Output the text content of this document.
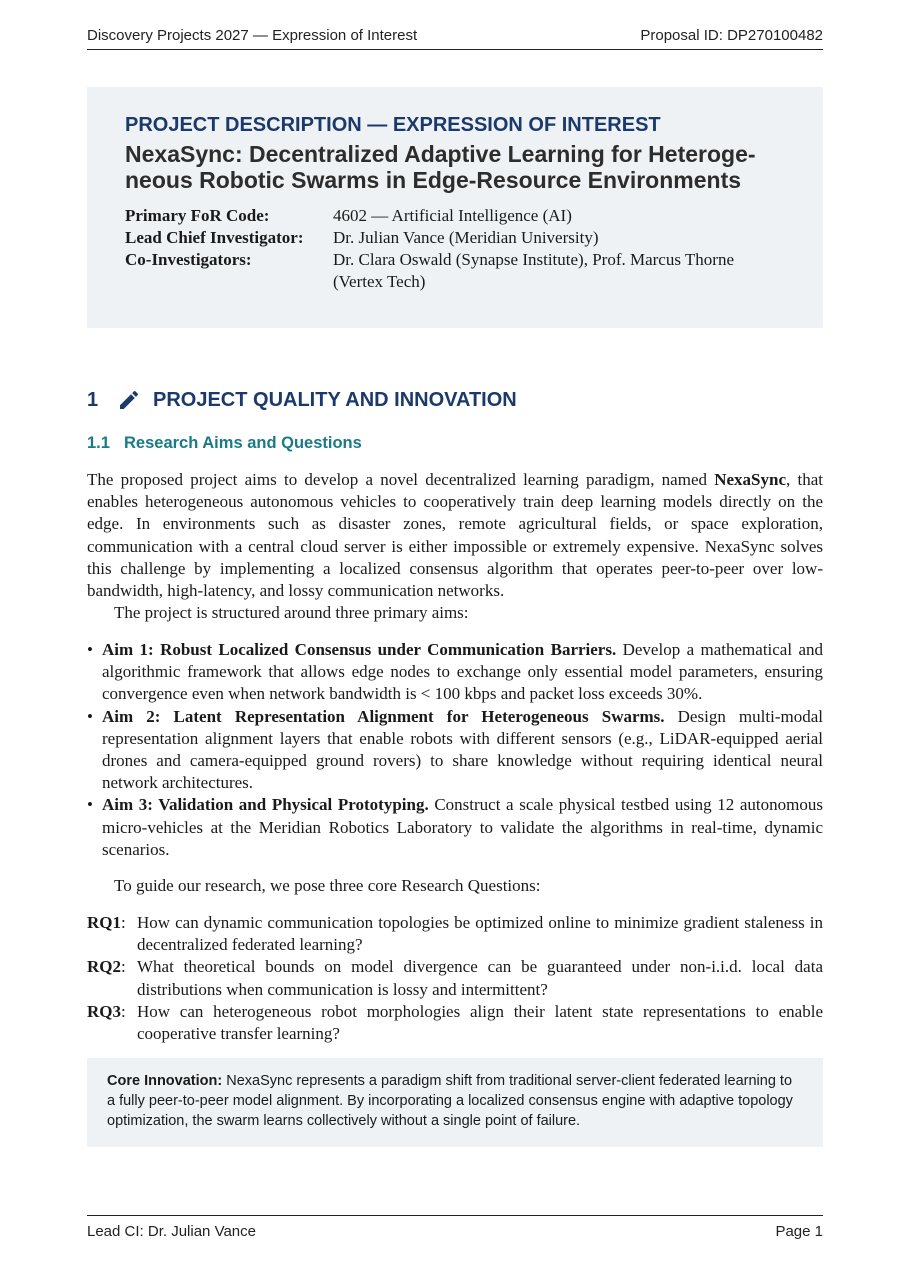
Discovery Projects 2027 — Expression of Interest	Proposal ID: DP270100482
PROJECT DESCRIPTION — EXPRESSION OF INTEREST
NexaSync: Decentralized Adaptive Learning for Heteroge-neous Robotic Swarms in Edge-Resource Environments
Primary FoR Code:	4602 — Artificial Intelligence (AI)
Lead Chief Investigator:	Dr. Julian Vance (Meridian University)
Co-Investigators:	Dr. Clara Oswald (Synapse Institute), Prof. Marcus Thorne (Vertex Tech)
1	PROJECT QUALITY AND INNOVATION
1.1 Research Aims and Questions
The proposed project aims to develop a novel decentralized learning paradigm, named NexaSync, that enables heterogeneous autonomous vehicles to cooperatively train deep learning models directly on the edge. In environments such as disaster zones, remote agricultural fields, or space exploration, communication with a central cloud server is either impossible or extremely expensive. NexaSync solves this challenge by implementing a localized consensus algorithm that operates peer-to-peer over low-bandwidth, high-latency, and lossy communication networks.
The project is structured around three primary aims:
• Aim 1: Robust Localized Consensus under Communication Barriers. Develop a mathematical and algorithmic framework that allows edge nodes to exchange only essential model parameters, ensuring convergence even when network bandwidth is < 100 kbps and packet loss exceeds 30%.
• Aim 2: Latent Representation Alignment for Heterogeneous Swarms. Design multi-modal representation alignment layers that enable robots with different sensors (e.g., LiDAR-equipped aerial drones and camera-equipped ground rovers) to share knowledge without requiring identical neural network architectures.
• Aim 3: Validation and Physical Prototyping. Construct a scale physical testbed using 12 autonomous micro-vehicles at the Meridian Robotics Laboratory to validate the algorithms in real-time, dynamic scenarios.
To guide our research, we pose three core Research Questions:
RQ1: How can dynamic communication topologies be optimized online to minimize gradient staleness in decentralized federated learning?
RQ2: What theoretical bounds on model divergence can be guaranteed under non-i.i.d. local data distributions when communication is lossy and intermittent?
RQ3: How can heterogeneous robot morphologies align their latent state representations to enable cooperative transfer learning?
Core Innovation: NexaSync represents a paradigm shift from traditional server-client federated learning to a fully peer-to-peer model alignment. By incorporating a localized consensus engine with adaptive topology optimization, the swarm learns collectively without a single point of failure.
Lead CI: Dr. Julian Vance	Page 1
